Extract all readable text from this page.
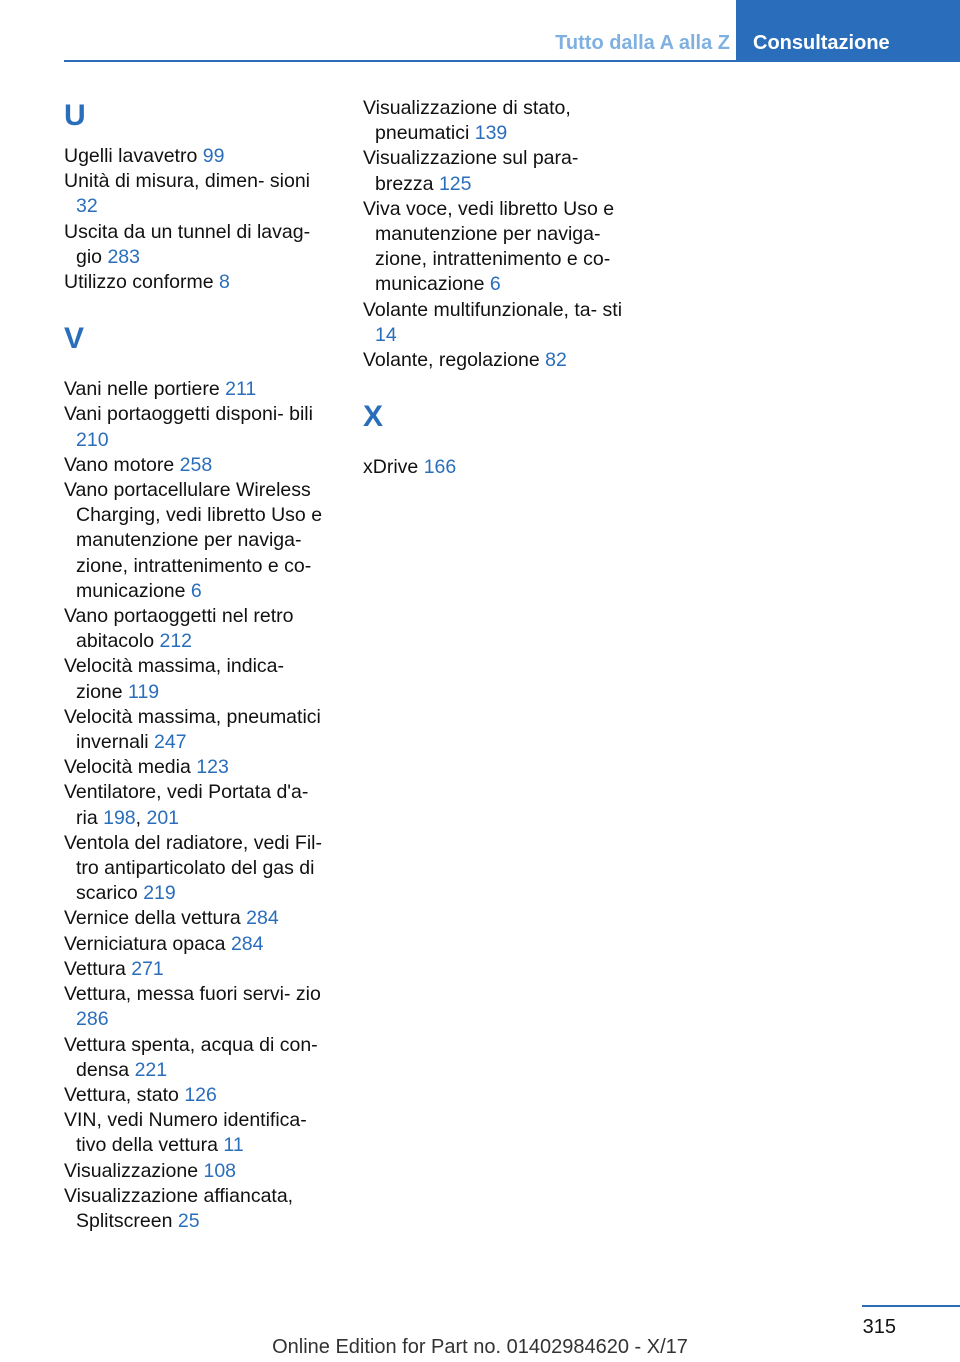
Tutto dalla A alla Z	Consultazione
U
Ugelli lavavetro 99
Unità di misura, dimen‐ sioni 32
Uscita da un tunnel di lavag‐ gio 283
Utilizzo conforme 8
V
Vani nelle portiere 211
Vani portaoggetti disponi‐ bili 210
Vano motore 258
Vano portacellulare Wireless Charging, vedi libretto Uso e manutenzione per naviga‐ zione, intrattenimento e co‐ municazione 6
Vano portaoggetti nel retro abitacolo 212
Velocità massima, indica‐ zione 119
Velocità massima, pneumatici invernali 247
Velocità media 123
Ventilatore, vedi Portata d'a‐ ria 198, 201
Ventola del radiatore, vedi Fil‐ tro antiparticolato del gas di scarico 219
Vernice della vettura 284
Verniciatura opaca 284
Vettura 271
Vettura, messa fuori servi‐ zio 286
Vettura spenta, acqua di con‐ densa 221
Vettura, stato 126
VIN, vedi Numero identifica‐ tivo della vettura 11
Visualizzazione 108
Visualizzazione affiancata, Splitscreen 25
Visualizzazione di stato, pneumatici 139
Visualizzazione sul para‐ brezza 125
Viva voce, vedi libretto Uso e manutenzione per naviga‐ zione, intrattenimento e co‐ municazione 6
Volante multifunzionale, ta‐ sti 14
Volante, regolazione 82
X
xDrive 166
315
Online Edition for Part no. 01402984620 - X/17
